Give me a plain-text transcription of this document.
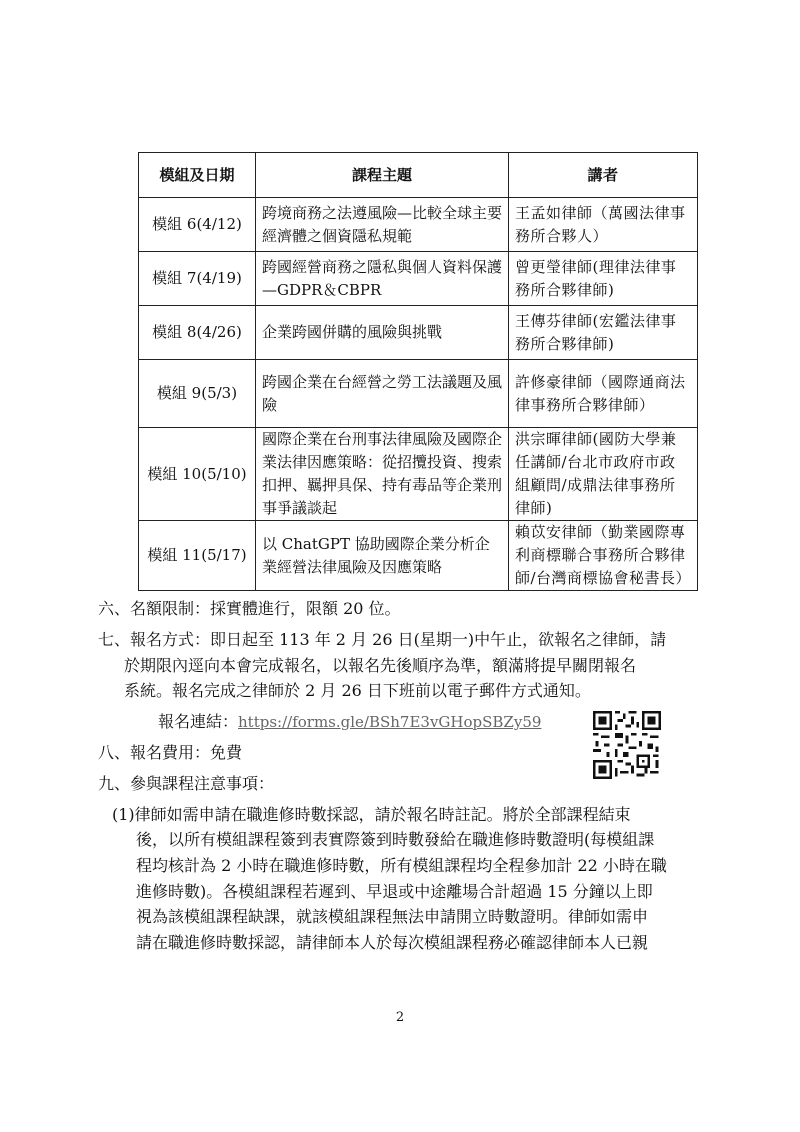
模組及日期	課程主題	講者
模組 6(4/12)	跨境商務之法遵風險—比較全球主要經濟體之個資隱私規範	王孟如律師（萬國法律事務所合夥人）
模組 7(4/19)	跨國經營商務之隱私與個人資料保護—GDPR＆CBPR	曾更瑩律師(理律法律事務所合夥律師)
模組 8(4/26)	企業跨國併購的風險與挑戰	王傳芬律師(宏鑑法律事務所合夥律師)
模組 9(5/3)	跨國企業在台經營之勞工法議題及風險	許修豪律師（國際通商法律事務所合夥律師）
模組 10(5/10)	國際企業在台刑事法律風險及國際企業法律因應策略：從招攬投資、搜索扣押、羈押具保、持有毒品等企業刑事爭議談起	洪宗暉律師(國防大學兼任講師/台北市政府市政組顧問/成鼎法律事務所律師)
模組 11(5/17)	以 ChatGPT 協助國際企業分析企業經營法律風險及因應策略	賴苡安律師（勤業國際專利商標聯合事務所合夥律師/台灣商標協會秘書長）
六、名額限制：採實體進行，限額 20 位。
七、報名方式：即日起至 113 年 2 月 26 日(星期一)中午止，欲報名之律師，請
於期限內逕向本會完成報名，以報名先後順序為準，額滿將提早關閉報名
系統。報名完成之律師於 2 月 26 日下班前以電子郵件方式通知。
報名連結：https://forms.gle/BSh7E3vGHopSBZy59
八、報名費用：免費
九、參與課程注意事項：
(1)律師如需申請在職進修時數採認，請於報名時註記。將於全部課程結束
後，以所有模組課程簽到表實際簽到時數發給在職進修時數證明(每模組課
程均核計為 2 小時在職進修時數，所有模組課程均全程參加計 22 小時在職
進修時數)。各模組課程若遲到、早退或中途離場合計超過 15 分鐘以上即
視為該模組課程缺課，就該模組課程無法申請開立時數證明。律師如需申
請在職進修時數採認，請律師本人於每次模組課程務必確認律師本人已親
2
